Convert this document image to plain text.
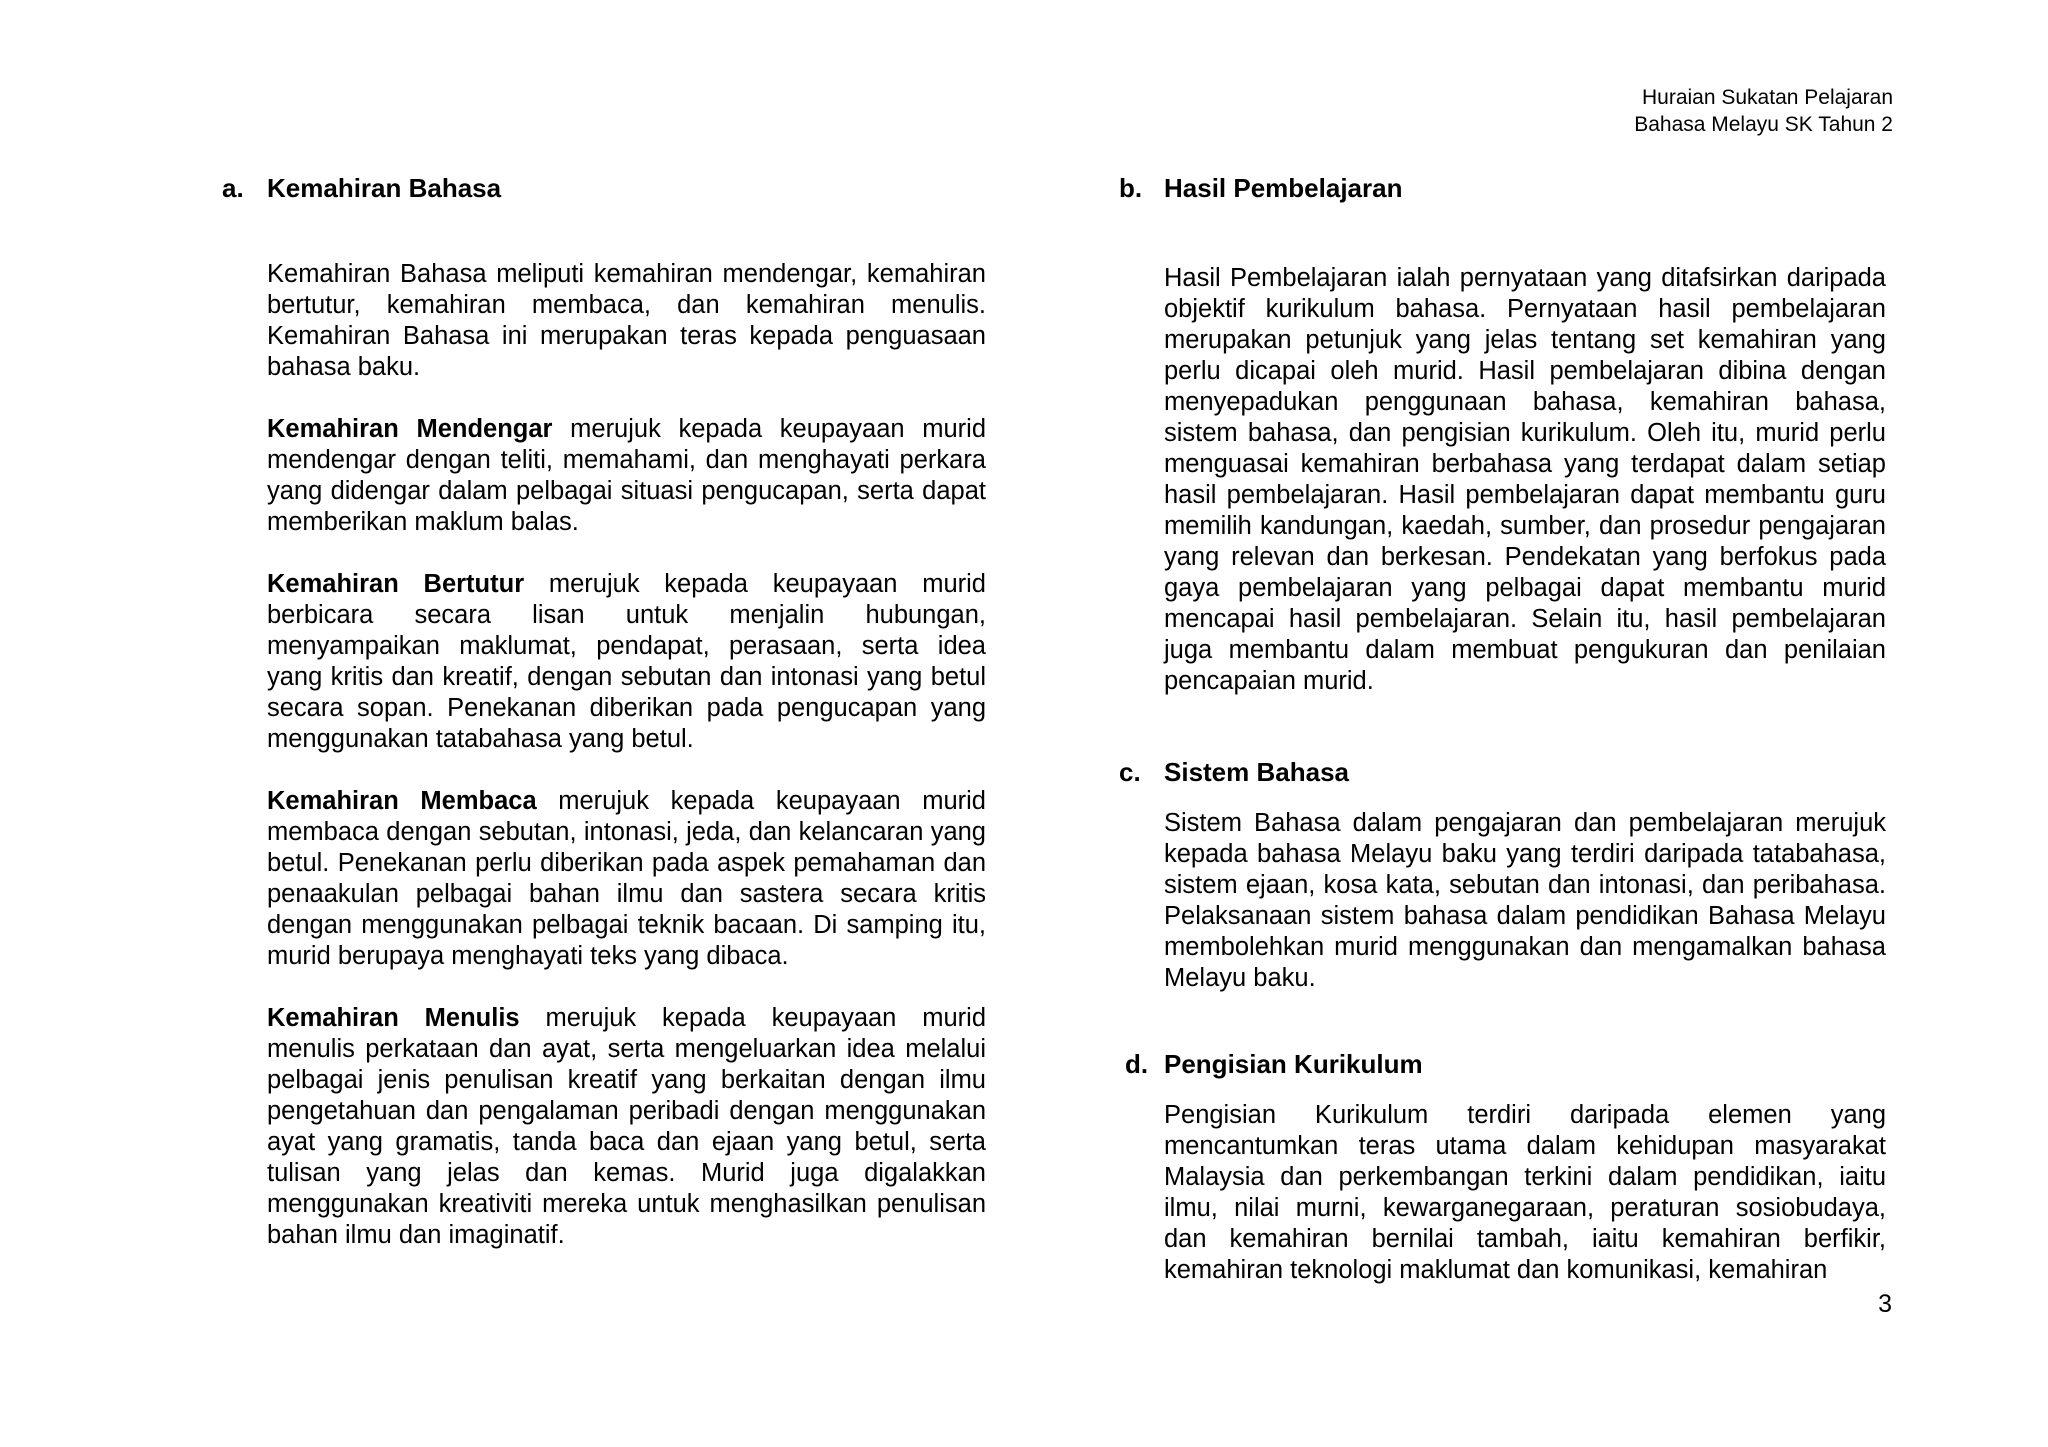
Huraian Sukatan Pelajaran
Bahasa Melayu SK Tahun 2
a. Kemahiran Bahasa

Kemahiran Bahasa meliputi kemahiran mendengar, kemahiran bertutur, kemahiran membaca, dan kemahiran menulis. Kemahiran Bahasa ini merupakan teras kepada penguasaan bahasa baku.

Kemahiran Mendengar merujuk kepada keupayaan murid mendengar dengan teliti, memahami, dan menghayati perkara yang didengar dalam pelbagai situasi pengucapan, serta dapat memberikan maklum balas.

Kemahiran Bertutur merujuk kepada keupayaan murid berbicara secara lisan untuk menjalin hubungan, menyampaikan maklumat, pendapat, perasaan, serta idea yang kritis dan kreatif, dengan sebutan dan intonasi yang betul secara sopan. Penekanan diberikan pada pengucapan yang menggunakan tatabahasa yang betul.

Kemahiran Membaca merujuk kepada keupayaan murid membaca dengan sebutan, intonasi, jeda, dan kelancaran yang betul. Penekanan perlu diberikan pada aspek pemahaman dan penaakulan pelbagai bahan ilmu dan sastera secara kritis dengan menggunakan pelbagai teknik bacaan. Di samping itu, murid berupaya menghayati teks yang dibaca.

Kemahiran Menulis merujuk kepada keupayaan murid menulis perkataan dan ayat, serta mengeluarkan idea melalui pelbagai jenis penulisan kreatif yang berkaitan dengan ilmu pengetahuan dan pengalaman peribadi dengan menggunakan ayat yang gramatis, tanda baca dan ejaan yang betul, serta tulisan yang jelas dan kemas. Murid juga digalakkan menggunakan kreativiti mereka untuk menghasilkan penulisan bahan ilmu dan imaginatif.

b. Hasil Pembelajaran

Hasil Pembelajaran ialah pernyataan yang ditafsirkan daripada objektif kurikulum bahasa. Pernyataan hasil pembelajaran merupakan petunjuk yang jelas tentang set kemahiran yang perlu dicapai oleh murid. Hasil pembelajaran dibina dengan menyepadukan penggunaan bahasa, kemahiran bahasa, sistem bahasa, dan pengisian kurikulum. Oleh itu, murid perlu menguasai kemahiran berbahasa yang terdapat dalam setiap hasil pembelajaran. Hasil pembelajaran dapat membantu guru memilih kandungan, kaedah, sumber, dan prosedur pengajaran yang relevan dan berkesan. Pendekatan yang berfokus pada gaya pembelajaran yang pelbagai dapat membantu murid mencapai hasil pembelajaran. Selain itu, hasil pembelajaran juga membantu dalam membuat pengukuran dan penilaian pencapaian murid.

c. Sistem Bahasa

Sistem Bahasa dalam pengajaran dan pembelajaran merujuk kepada bahasa Melayu baku yang terdiri daripada tatabahasa, sistem ejaan, kosa kata, sebutan dan intonasi, dan peribahasa. Pelaksanaan sistem bahasa dalam pendidikan Bahasa Melayu membolehkan murid menggunakan dan mengamalkan bahasa Melayu baku.

d. Pengisian Kurikulum

Pengisian Kurikulum terdiri daripada elemen yang mencantumkan teras utama dalam kehidupan masyarakat Malaysia dan perkembangan terkini dalam pendidikan, iaitu ilmu, nilai murni, kewarganegaraan, peraturan sosiobudaya, dan kemahiran bernilai tambah, iaitu kemahiran berfikir, kemahiran teknologi maklumat dan komunikasi, kemahiran

3
